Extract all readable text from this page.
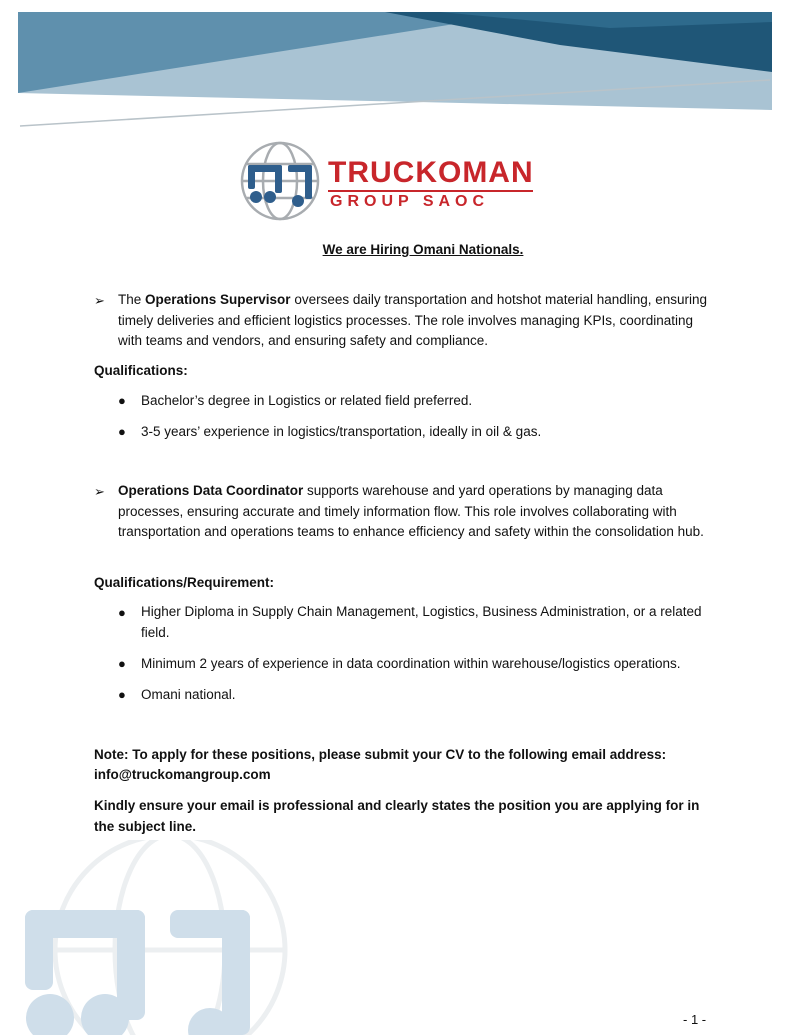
TRUCKOMAN
GROUP SAOC
We are Hiring Omani Nationals.
➢ The Operations Supervisor oversees daily transportation and hotshot material handling, ensuring timely deliveries and efficient logistics processes. The role involves managing KPIs, coordinating with teams and vendors, and ensuring safety and compliance.
Qualifications:
● Bachelor’s degree in Logistics or related field preferred.
● 3-5 years’ experience in logistics/transportation, ideally in oil & gas.
➢ Operations Data Coordinator supports warehouse and yard operations by managing data processes, ensuring accurate and timely information flow. This role involves collaborating with transportation and operations teams to enhance efficiency and safety within the consolidation hub.
Qualifications/Requirement:
● Higher Diploma in Supply Chain Management, Logistics, Business Administration, or a related field.
● Minimum 2 years of experience in data coordination within warehouse/logistics operations.
● Omani national.
Note: To apply for these positions, please submit your CV to the following email address:
info@truckomangroup.com
Kindly ensure your email is professional and clearly states the position you are applying for in the subject line.
- 1 -
